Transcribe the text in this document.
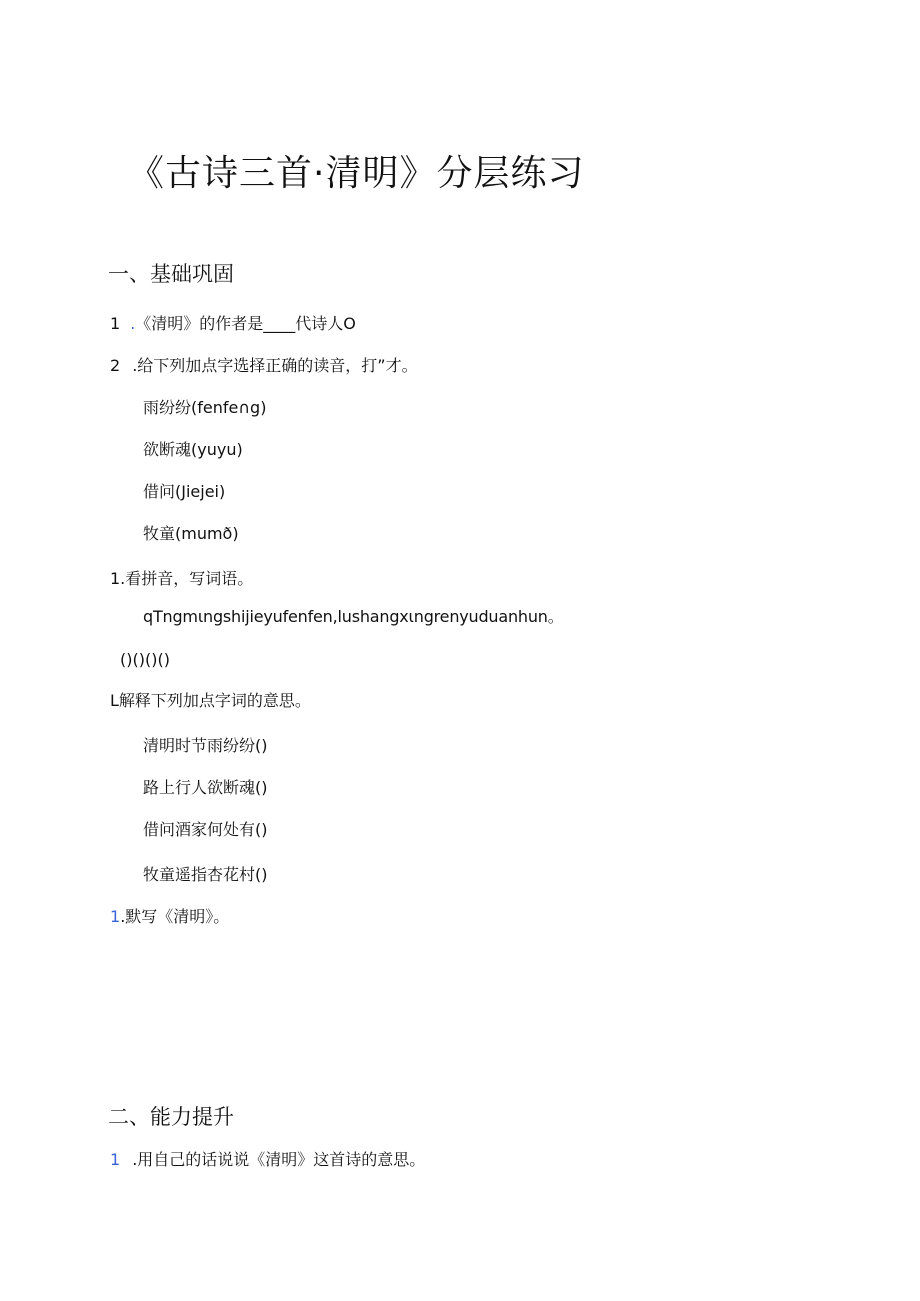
《古诗三首·清明》分层练习
一、基础巩固
1 .《清明》的作者是____代诗人O
2 .给下列加点字选择正确的读音，打”才。
雨纷纷(fenfe∩g)
欲断魂(yuyu)
借问(Jiejei)
牧童(mumð)
1.看拼音，写词语。
qTngmιngshijieyufenfen,lushangxιngrenyuduanhun。
()()()()
L解释下列加点字词的意思。
清明时节雨纷纷()
路上行人欲断魂()
借问酒家何处有()
牧童遥指杏花村()
1.默写《清明》。
二、能力提升
1 .用自己的话说说《清明》这首诗的意思。
